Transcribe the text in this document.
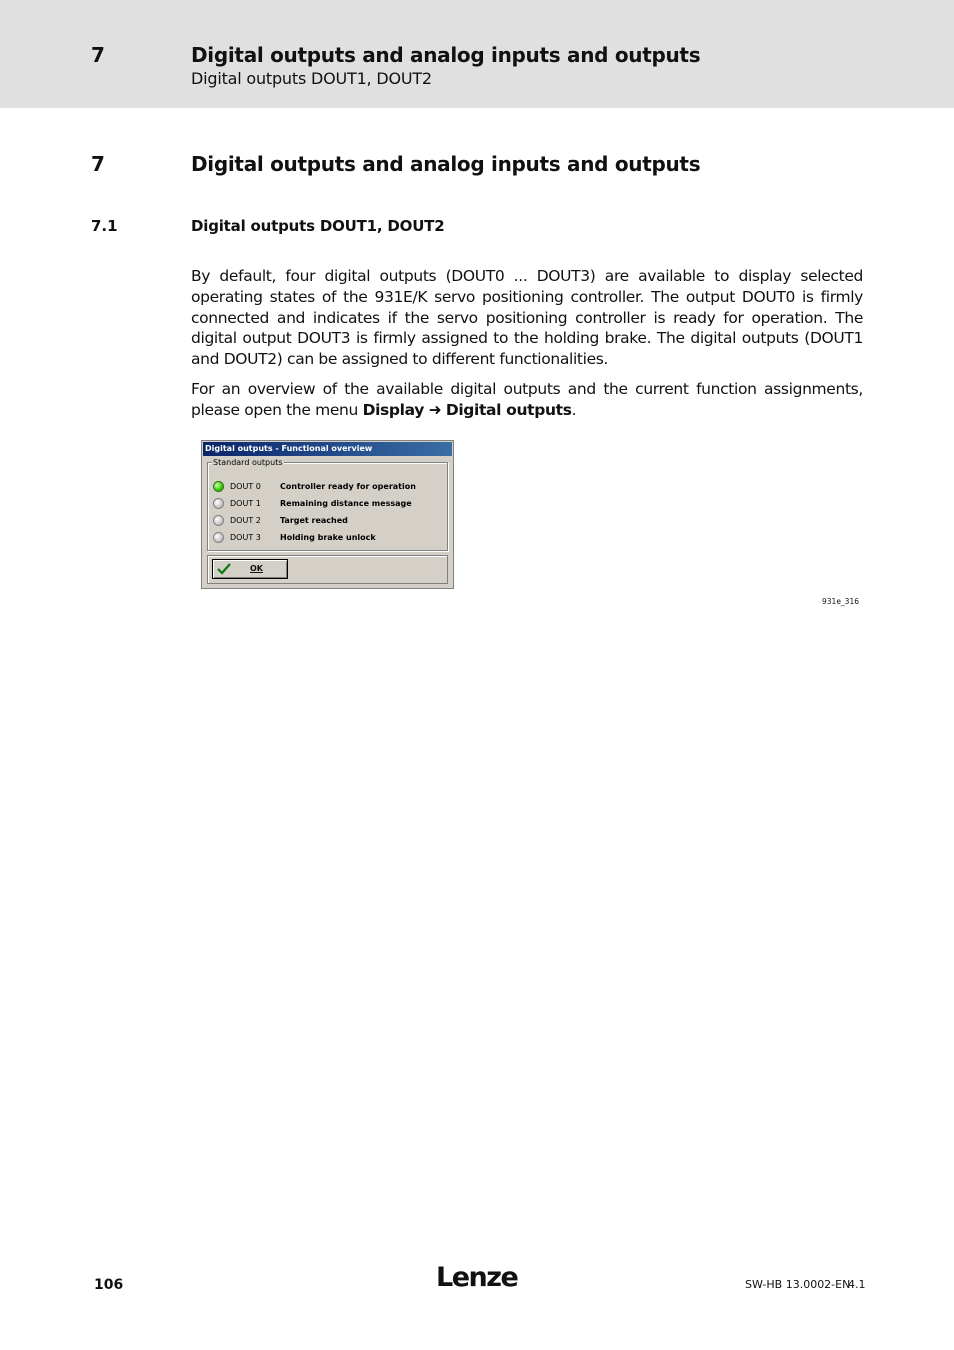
7	Digital outputs and analog inputs and outputs
Digital outputs DOUT1, DOUT2
7	Digital outputs and analog inputs and outputs
7.1	Digital outputs DOUT1, DOUT2

By default, four digital outputs (DOUT0 ... DOUT3) are available to display selected operating states of the 931E/K servo positioning controller. The output DOUT0 is firmly connected and indicates if the servo positioning controller is ready for operation. The digital output DOUT3 is firmly assigned to the holding brake. The digital outputs (DOUT1 and DOUT2) can be assigned to different functionalities.

For an overview of the available digital outputs and the current function assignments, please open the menu Display ➜ Digital outputs.

Digital outputs - Functional overview
Standard outputs
DOUT 0 Controller ready for operation
DOUT 1 Remaining distance message
DOUT 2 Target reached
DOUT 3 Holding brake unlock
OK
931e_316
106	Lenze	SW-HB 13.0002-EN
4.1
